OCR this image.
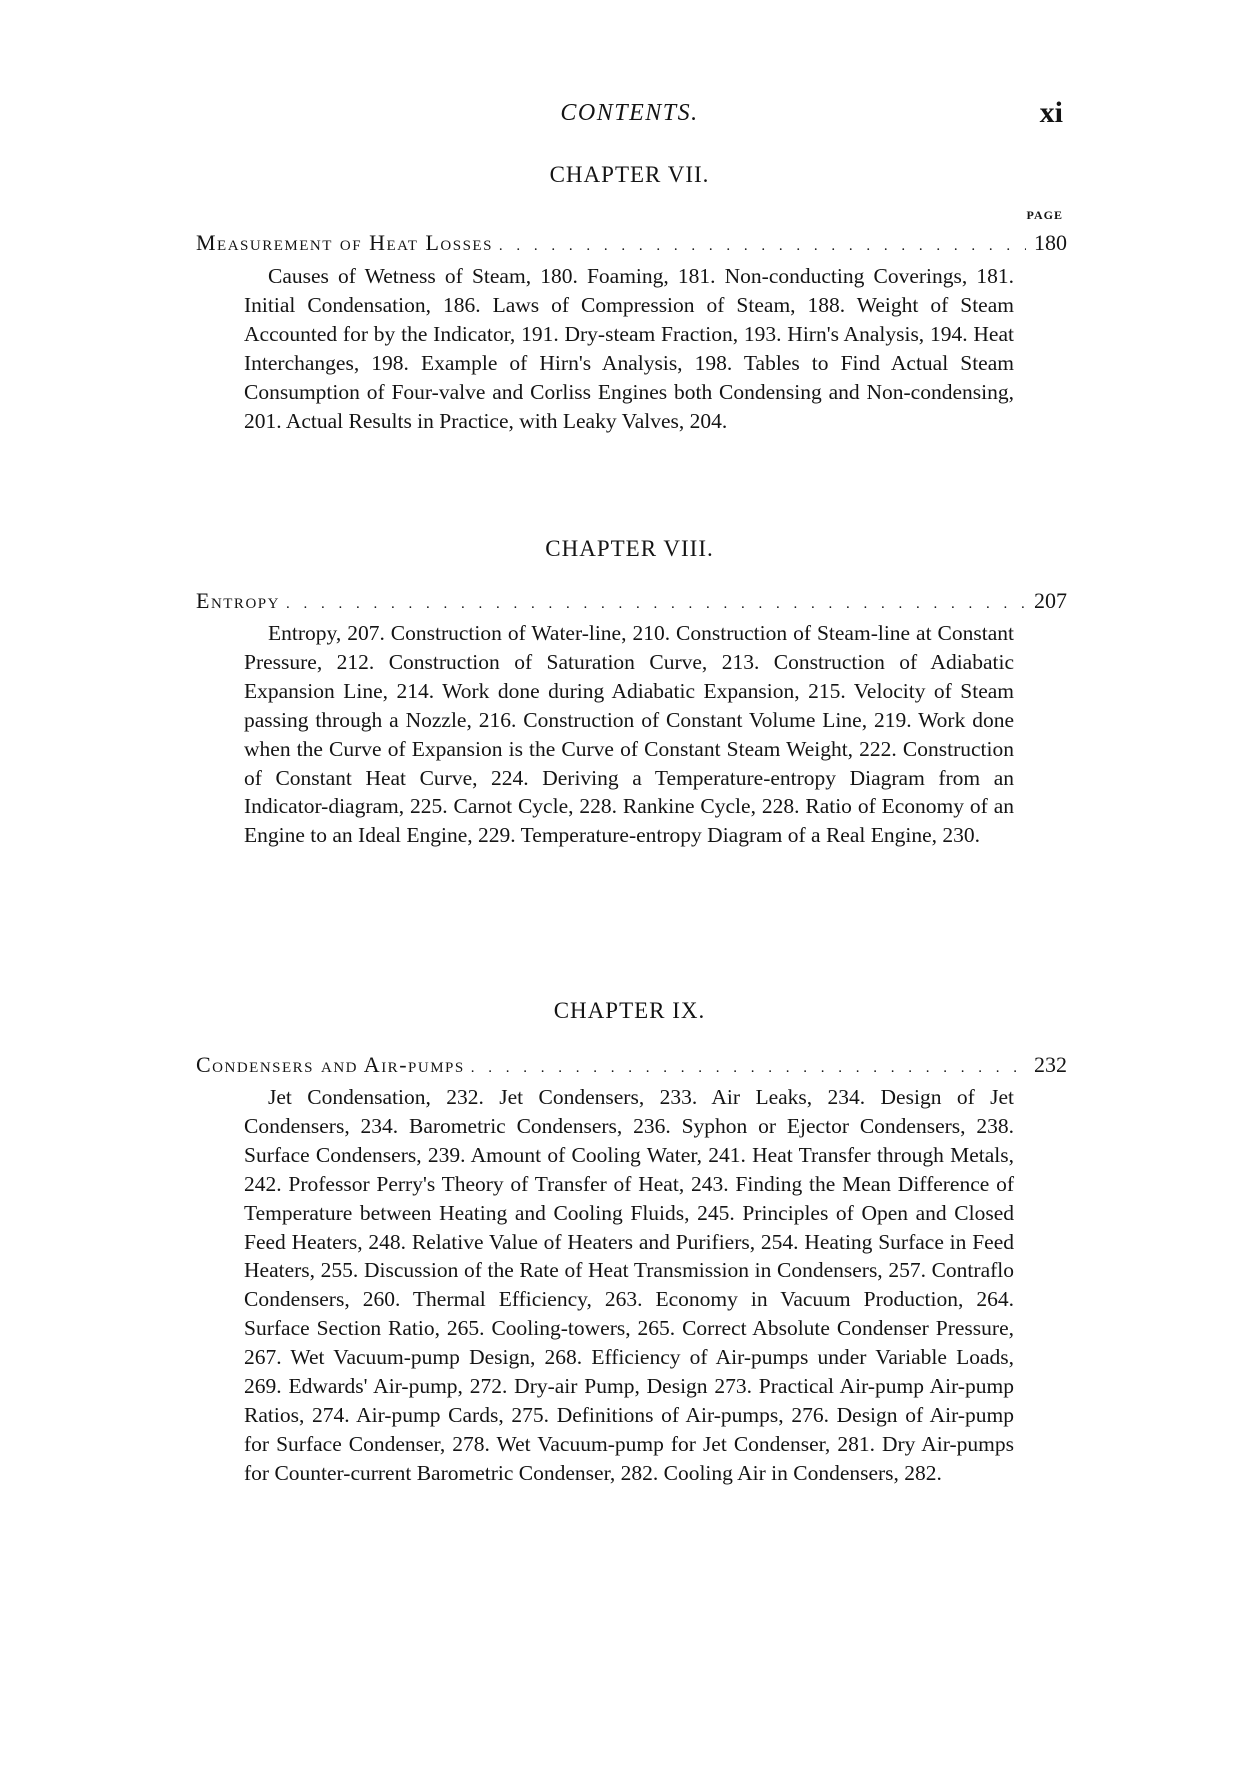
CONTENTS.	xi
CHAPTER VII.
PAGE
Measurement of Heat Losses . . .	180

Causes of Wetness of Steam, 180. Foaming, 181. Non-conducting Coverings, 181. Initial Condensation, 186. Laws of Compression of Steam, 188. Weight of Steam Accounted for by the Indicator, 191. Dry-steam Fraction, 193. Hirn's Analysis, 194. Heat Interchanges, 198. Example of Hirn's Analysis, 198. Tables to Find Actual Steam Consumption of Four-valve and Corliss Engines both Condensing and Non-condensing, 201. Actual Results in Practice, with Leaky Valves, 204.

CHAPTER VIII.
Entropy . . .	207

Entropy, 207. Construction of Water-line, 210. Construction of Steam-line at Constant Pressure, 212. Construction of Saturation Curve, 213. Construction of Adiabatic Expansion Line, 214. Work done during Adiabatic Expansion, 215. Velocity of Steam passing through a Nozzle, 216. Construction of Constant Volume Line, 219. Work done when the Curve of Expansion is the Curve of Constant Steam Weight, 222. Construction of Constant Heat Curve, 224. Deriving a Temperature-entropy Diagram from an Indicator-diagram, 225. Carnot Cycle, 228. Rankine Cycle, 228. Ratio of Economy of an Engine to an Ideal Engine, 229. Temperature-entropy Diagram of a Real Engine, 230.

CHAPTER IX.
Condensers and Air-pumps . . .	232

Jet Condensation, 232. Jet Condensers, 233. Air Leaks, 234. Design of Jet Condensers, 234. Barometric Condensers, 236. Syphon or Ejector Condensers, 238. Surface Condensers, 239. Amount of Cooling Water, 241. Heat Transfer through Metals, 242. Professor Perry's Theory of Transfer of Heat, 243. Finding the Mean Difference of Temperature between Heating and Cooling Fluids, 245. Principles of Open and Closed Feed Heaters, 248. Relative Value of Heaters and Purifiers, 254. Heating Surface in Feed Heaters, 255. Discussion of the Rate of Heat Transmission in Condensers, 257. Contraflo Condensers, 260. Thermal Efficiency, 263. Economy in Vacuum Production, 264. Surface Section Ratio, 265. Cooling-towers, 265. Correct Absolute Condenser Pressure, 267. Wet Vacuum-pump Design, 268. Efficiency of Air-pumps under Variable Loads, 269. Edwards' Air-pump, 272. Dry-air Pump, Design 273. Practical Air-pump Air-pump Ratios, 274. Air-pump Cards, 275. Definitions of Air-pumps, 276. Design of Air-pump for Surface Condenser, 278. Wet Vacuum-pump for Jet Condenser, 281. Dry Air-pumps for Counter-current Barometric Condenser, 282. Cooling Air in Condensers, 282.
